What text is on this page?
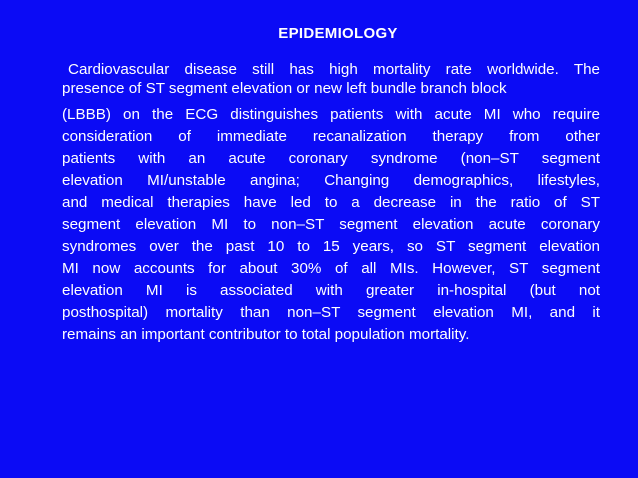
EPIDEMIOLOGY

Cardiovascular disease still has high mortality rate worldwide. The

presence of ST segment elevation or new left bundle branch block

(LBBB) on the ECG distinguishes patients with acute MI who require

consideration of immediate recanalization therapy from other

patients with an acute coronary syndrome (non–ST segment

elevation MI/unstable angina; Changing demographics, lifestyles,

and medical therapies have led to a decrease in the ratio of ST

segment elevation MI to non–ST segment elevation acute coronary

syndromes over the past 10 to 15 years, so ST segment elevation

MI now accounts for about 30% of all MIs. However, ST segment

elevation MI is associated with greater in-hospital (but not

posthospital) mortality than non–ST segment elevation MI, and it

remains an important contributor to total population mortality.
